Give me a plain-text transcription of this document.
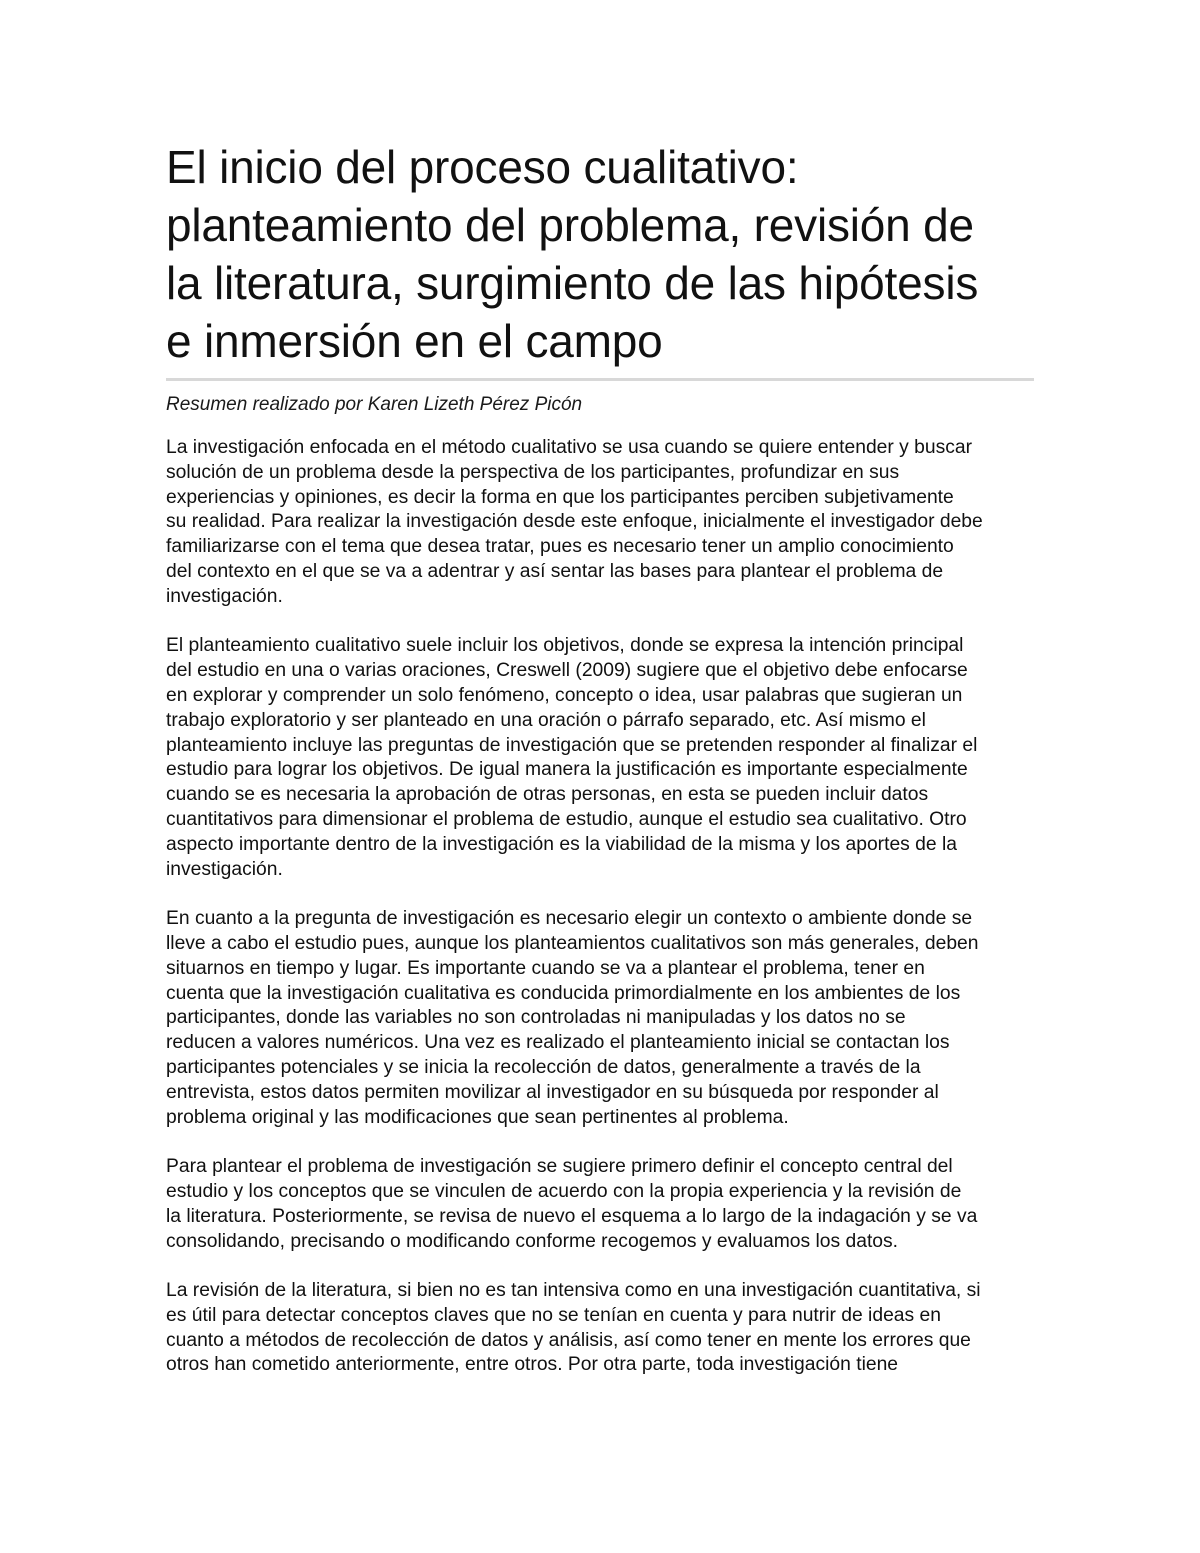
El inicio del proceso cualitativo:
planteamiento del problema, revisión de
la literatura, surgimiento de las hipótesis
e inmersión en el campo

Resumen realizado por Karen Lizeth Pérez Picón

La investigación enfocada en el método cualitativo se usa cuando se quiere entender y buscar
solución de un problema desde la perspectiva de los participantes, profundizar en sus
experiencias y opiniones, es decir la forma en que los participantes perciben subjetivamente
su realidad. Para realizar la investigación desde este enfoque, inicialmente el investigador debe
familiarizarse con el tema que desea tratar, pues es necesario tener un amplio conocimiento
del contexto en el que se va a adentrar y así sentar las bases para plantear el problema de
investigación.

El planteamiento cualitativo suele incluir los objetivos, donde se expresa la intención principal
del estudio en una o varias oraciones, Creswell (2009) sugiere que el objetivo debe enfocarse
en explorar y comprender un solo fenómeno, concepto o idea, usar palabras que sugieran un
trabajo exploratorio y ser planteado en una oración o párrafo separado, etc. Así mismo el
planteamiento incluye las preguntas de investigación que se pretenden responder al finalizar el
estudio para lograr los objetivos. De igual manera la justificación es importante especialmente
cuando se es necesaria la aprobación de otras personas, en esta se pueden incluir datos
cuantitativos para dimensionar el problema de estudio, aunque el estudio sea cualitativo. Otro
aspecto importante dentro de la investigación es la viabilidad de la misma y los aportes de la
investigación.

En cuanto a la pregunta de investigación es necesario elegir un contexto o ambiente donde se
lleve a cabo el estudio pues, aunque los planteamientos cualitativos son más generales, deben
situarnos en tiempo y lugar. Es importante cuando se va a plantear el problema, tener en
cuenta que la investigación cualitativa es conducida primordialmente en los ambientes de los
participantes, donde las variables no son controladas ni manipuladas y los datos no se
reducen a valores numéricos. Una vez es realizado el planteamiento inicial se contactan los
participantes potenciales y se inicia la recolección de datos, generalmente a través de la
entrevista, estos datos permiten movilizar al investigador en su búsqueda por responder al
problema original y las modificaciones que sean pertinentes al problema.

Para plantear el problema de investigación se sugiere primero definir el concepto central del
estudio y los conceptos que se vinculen de acuerdo con la propia experiencia y la revisión de
la literatura. Posteriormente, se revisa de nuevo el esquema a lo largo de la indagación y se va
consolidando, precisando o modificando conforme recogemos y evaluamos los datos.

La revisión de la literatura, si bien no es tan intensiva como en una investigación cuantitativa, si
es útil para detectar conceptos claves que no se tenían en cuenta y para nutrir de ideas en
cuanto a métodos de recolección de datos y análisis, así como tener en mente los errores que
otros han cometido anteriormente, entre otros. Por otra parte, toda investigación tiene
